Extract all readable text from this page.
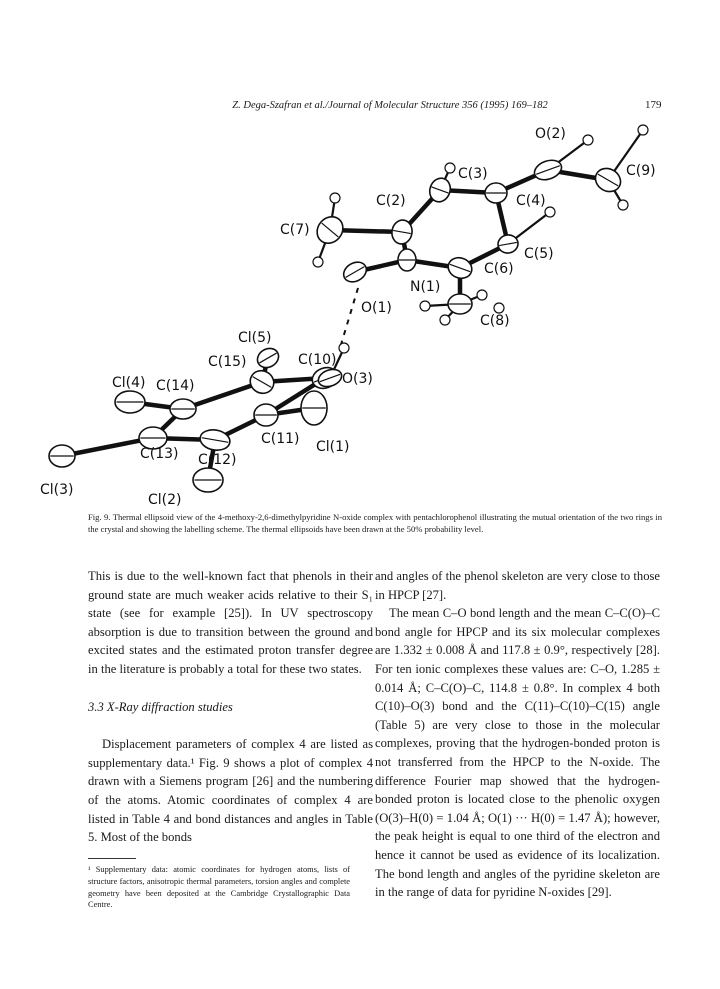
Z. Dega-Szafran et al./Journal of Molecular Structure 356 (1995) 169–182	179
O(2)
C(3)	C(9)
C(2)	C(4)
C(7)
C(5)
N(1)
C(6)
O(1)
C(8)
Cl(5)
C(15)	C(10)
Cl(4) C(14)	O(3)
C(11) Cl(1)
C(13) C(12)
Cl(3)
Cl(2)
Fig. 9. Thermal ellipsoid view of the 4-methoxy-2,6-dimethylpyridine N-oxide complex with pentachlorophenol illustrating the mutual orientation of the two rings in the crystal and showing the labelling scheme. The thermal ellipsoids have been drawn at the 50% probability level.

This is due to the well-known fact that phenols in their ground state are much weaker acids relative to their S₁ state (see for example [25]). In UV spectroscopy absorption is due to transition between the ground and excited states and the estimated proton transfer degree in the literature is probably a total for these two states.

3.3 X-Ray diffraction studies

Displacement parameters of complex 4 are listed as supplementary data.¹ Fig. 9 shows a plot of complex 4 drawn with a Siemens program [26] and the numbering of the atoms. Atomic coordinates of complex 4 are listed in Table 4 and bond distances and angles in Table 5. Most of the bonds

¹ Supplementary data: atomic coordinates for hydrogen atoms, lists of structure factors, anisotropic thermal parameters, torsion angles and complete geometry have been deposited at the Cambridge Crystallographic Data Centre.

and angles of the phenol skeleton are very close to those in HPCP [27].

The mean C–O bond length and the mean C–C(O)–C bond angle for HPCP and its six molecular complexes are 1.332 ± 0.008 Å and 117.8 ± 0.9°, respectively [28]. For ten ionic complexes these values are: C–O, 1.285 ± 0.014 Å; C–C(O)–C, 114.8 ± 0.8°. In complex 4 both C(10)–O(3) bond and the C(11)–C(10)–C(15) angle (Table 5) are very close to those in the molecular complexes, proving that the hydrogen-bonded proton is not transferred from the HPCP to the N-oxide. The difference Fourier map showed that the hydrogen-bonded proton is located close to the phenolic oxygen (O(3)–H(0) = 1.04 Å; O(1) ··· H(0) = 1.47 Å); however, the peak height is equal to one third of the electron and hence it cannot be used as evidence of its localization. The bond length and angles of the pyridine skeleton are in the range of data for pyridine N-oxides [29].
